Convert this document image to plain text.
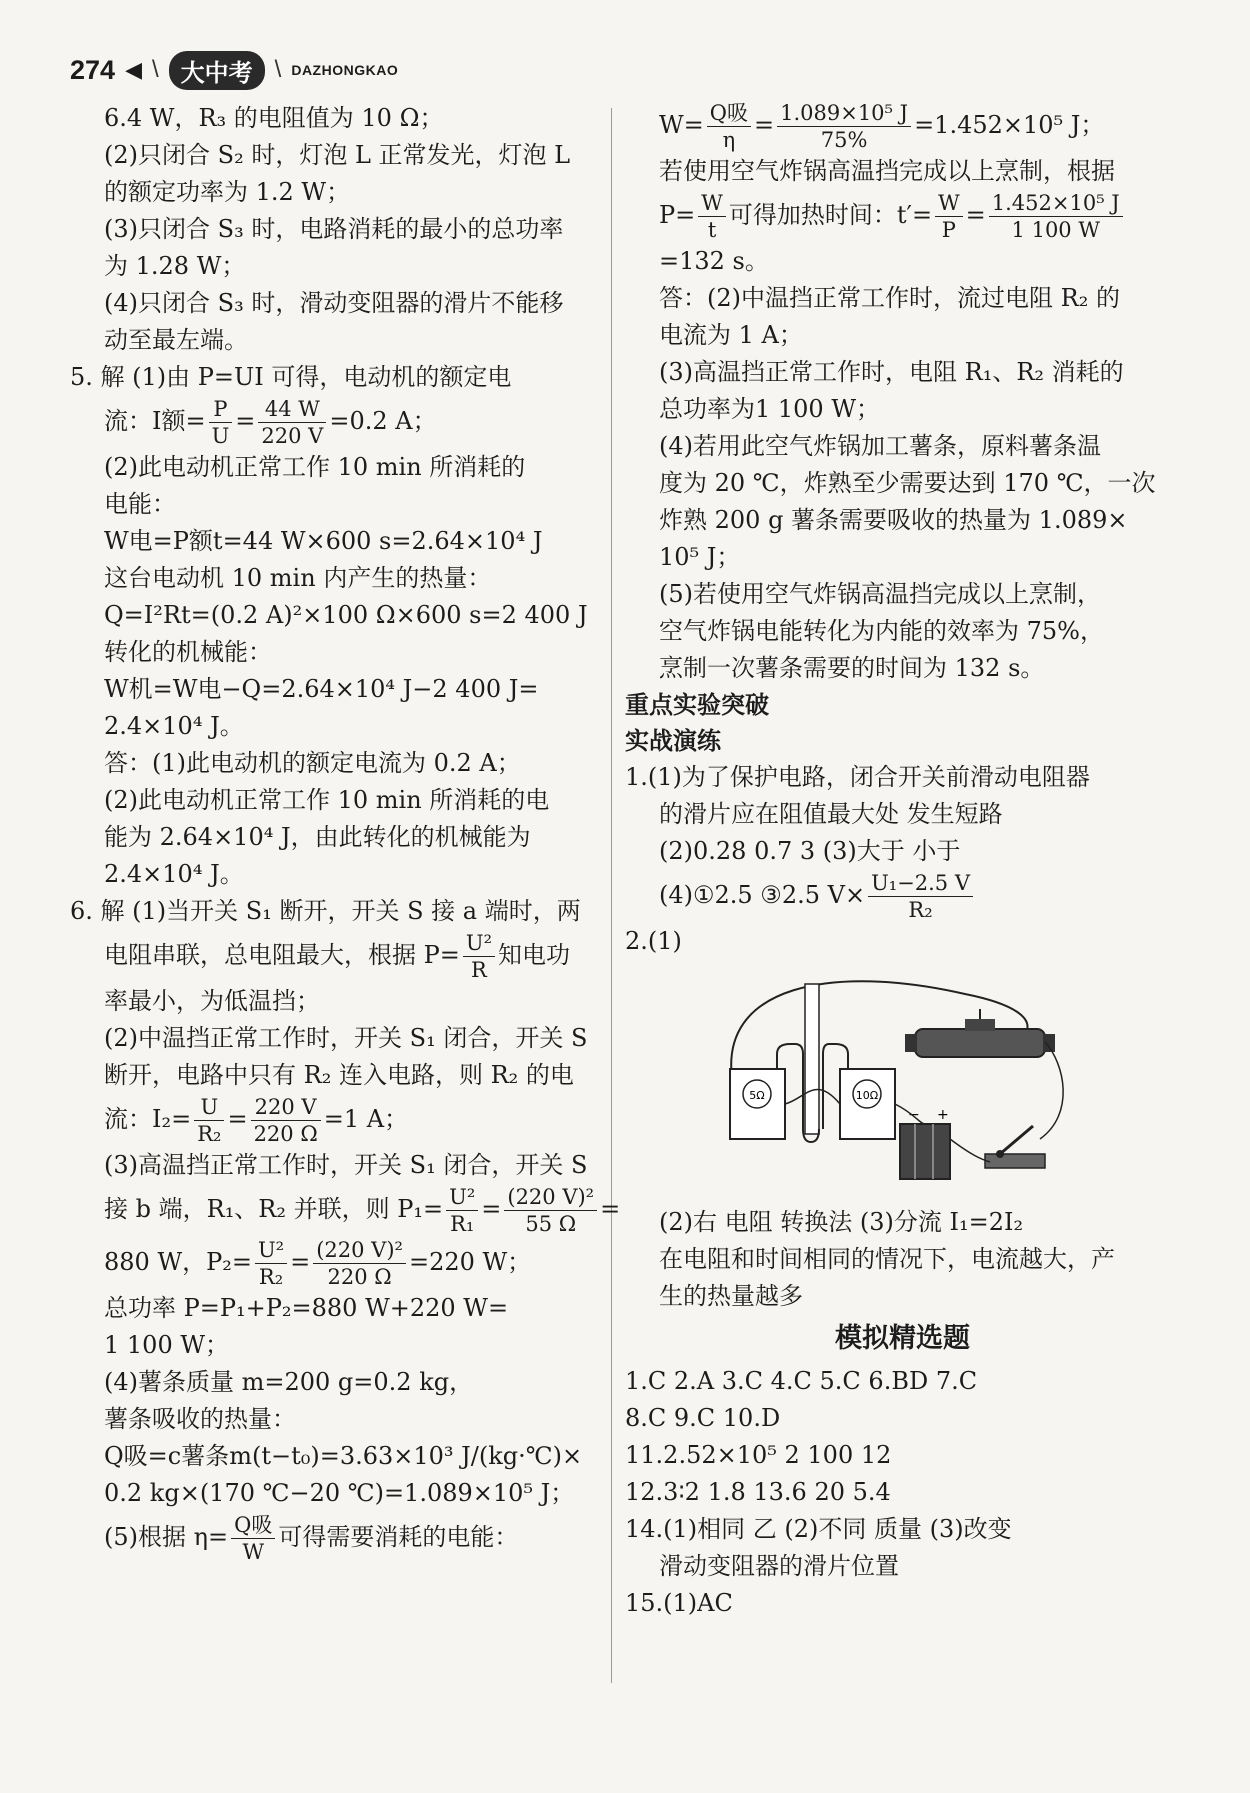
274 ◀ \ 大中考 \ DAZHONGKAO
6.4 W，R₃ 的电阻值为 10 Ω；
(2)只闭合 S₂ 时，灯泡 L 正常发光，灯泡 L
的额定功率为 1.2 W；
(3)只闭合 S₃ 时，电路消耗的最小的总功率
为 1.28 W；
(4)只闭合 S₃ 时，滑动变阻器的滑片不能移
动至最左端。
5. 解 (1)由 P=UI 可得，电动机的额定电
流：I额= $\frac{P}{U} = \frac{44 W}{220 V} =0.2$ A；
(2)此电动机正常工作 10 min 所消耗的
电能：
W电=P额t=44 W×600 s=2.64×10⁴ J
这台电动机 10 min 内产生的热量：
Q=I²Rt=(0.2 A)²×100 Ω×600 s=2 400 J
转化的机械能：
W机=W电−Q=2.64×10⁴ J−2 400 J=
2.4×10⁴ J。
答：(1)此电动机的额定电流为 0.2 A；
(2)此电动机正常工作 10 min 所消耗的电
能为 2.64×10⁴ J，由此转化的机械能为
2.4×10⁴ J。
6. 解 (1)当开关 S₁ 断开，开关 S 接 a 端时，两
电阻串联，总电阻最大，根据 $P= \frac{\text{U²}}{R}$ 知电功
率最小，为低温挡；
(2)中温挡正常工作时，开关 S₁ 闭合，开关 S
断开，电路中只有 R₂ 连入电路，则 R₂ 的电
流：$I_2= \frac{U}{\text{R₂}} = \frac{220 V}{220 \Omega} =1$ A；
(3)高温挡正常工作时，开关 S₁ 闭合，开关 S
接 b 端，R₁、R₂ 并联，则 $P_1= \frac{\text{U²}}{\text{R₁}} = \frac{\text{(220 V)²}}{55 \Omega}$ =
880 W，$P_2= \frac{\text{U²}}{\text{R₂}} = \frac{\text{(220 V)²}}{220 \Omega} =220$ W；
总功率 P=P₁+P₂=880 W+220 W=
1 100 W；
(4)薯条质量 m=200 g=0.2 kg，
薯条吸收的热量：
Q吸=c薯条m(t−t₀)=3.63×10³ J/(kg·℃)×
0.2 kg×(170 ℃−20 ℃)=1.089×10⁵ J；
(5)根据 $\eta= \frac{\text{Q吸}}{W}$ 可得需要消耗的电能：
$W= \frac{\text{Q吸}}{\eta} = \frac{\text{1.089×10⁵ J}}{75\%} =1.452\times 10^5$ J；
若使用空气炸锅高温挡完成以上烹制，根据
$P= \frac{W}{t}$ 可得加热时间：$t'= \frac{W}{P} = \frac{\text{1.452×10⁵ J}}{1 100 W}$
=132 s。
答：(2)中温挡正常工作时，流过电阻 R₂ 的
电流为 1 A；
(3)高温挡正常工作时，电阻 R₁、R₂ 消耗的
总功率为1 100 W；
(4)若用此空气炸锅加工薯条，原料薯条温
度为 20 ℃，炸熟至少需要达到 170 ℃，一次
炸熟 200 g 薯条需要吸收的热量为 1.089×
10⁵ J；
(5)若使用空气炸锅高温挡完成以上烹制，
空气炸锅电能转化为内能的效率为 75%，
烹制一次薯条需要的时间为 132 s。
重点实验突破
实战演练
1.(1)为了保护电路，闭合开关前滑动电阻器
的滑片应在阻值最大处 发生短路
(2)0.28 0.7 3 (3)大于 小于
(4)①2.5 ③2.5 $V\times \frac{\text{U₁−2.5 V}}{\text{R₂}}$
2.(1)
5Ω	10Ω
− +
(2)右 电阻 转换法 (3)分流 I₁=2I₂
在电阻和时间相同的情况下，电流越大，产
生的热量越多
模拟精选题
1.C 2.A 3.C 4.C 5.C 6.BD 7.C
8.C 9.C 10.D
11.2.52×10⁵ 2 100 12
12.3∶2 1.8 13.6 20 5.4
14.(1)相同 乙 (2)不同 质量 (3)改变
滑动变阻器的滑片位置
15.(1)AC
